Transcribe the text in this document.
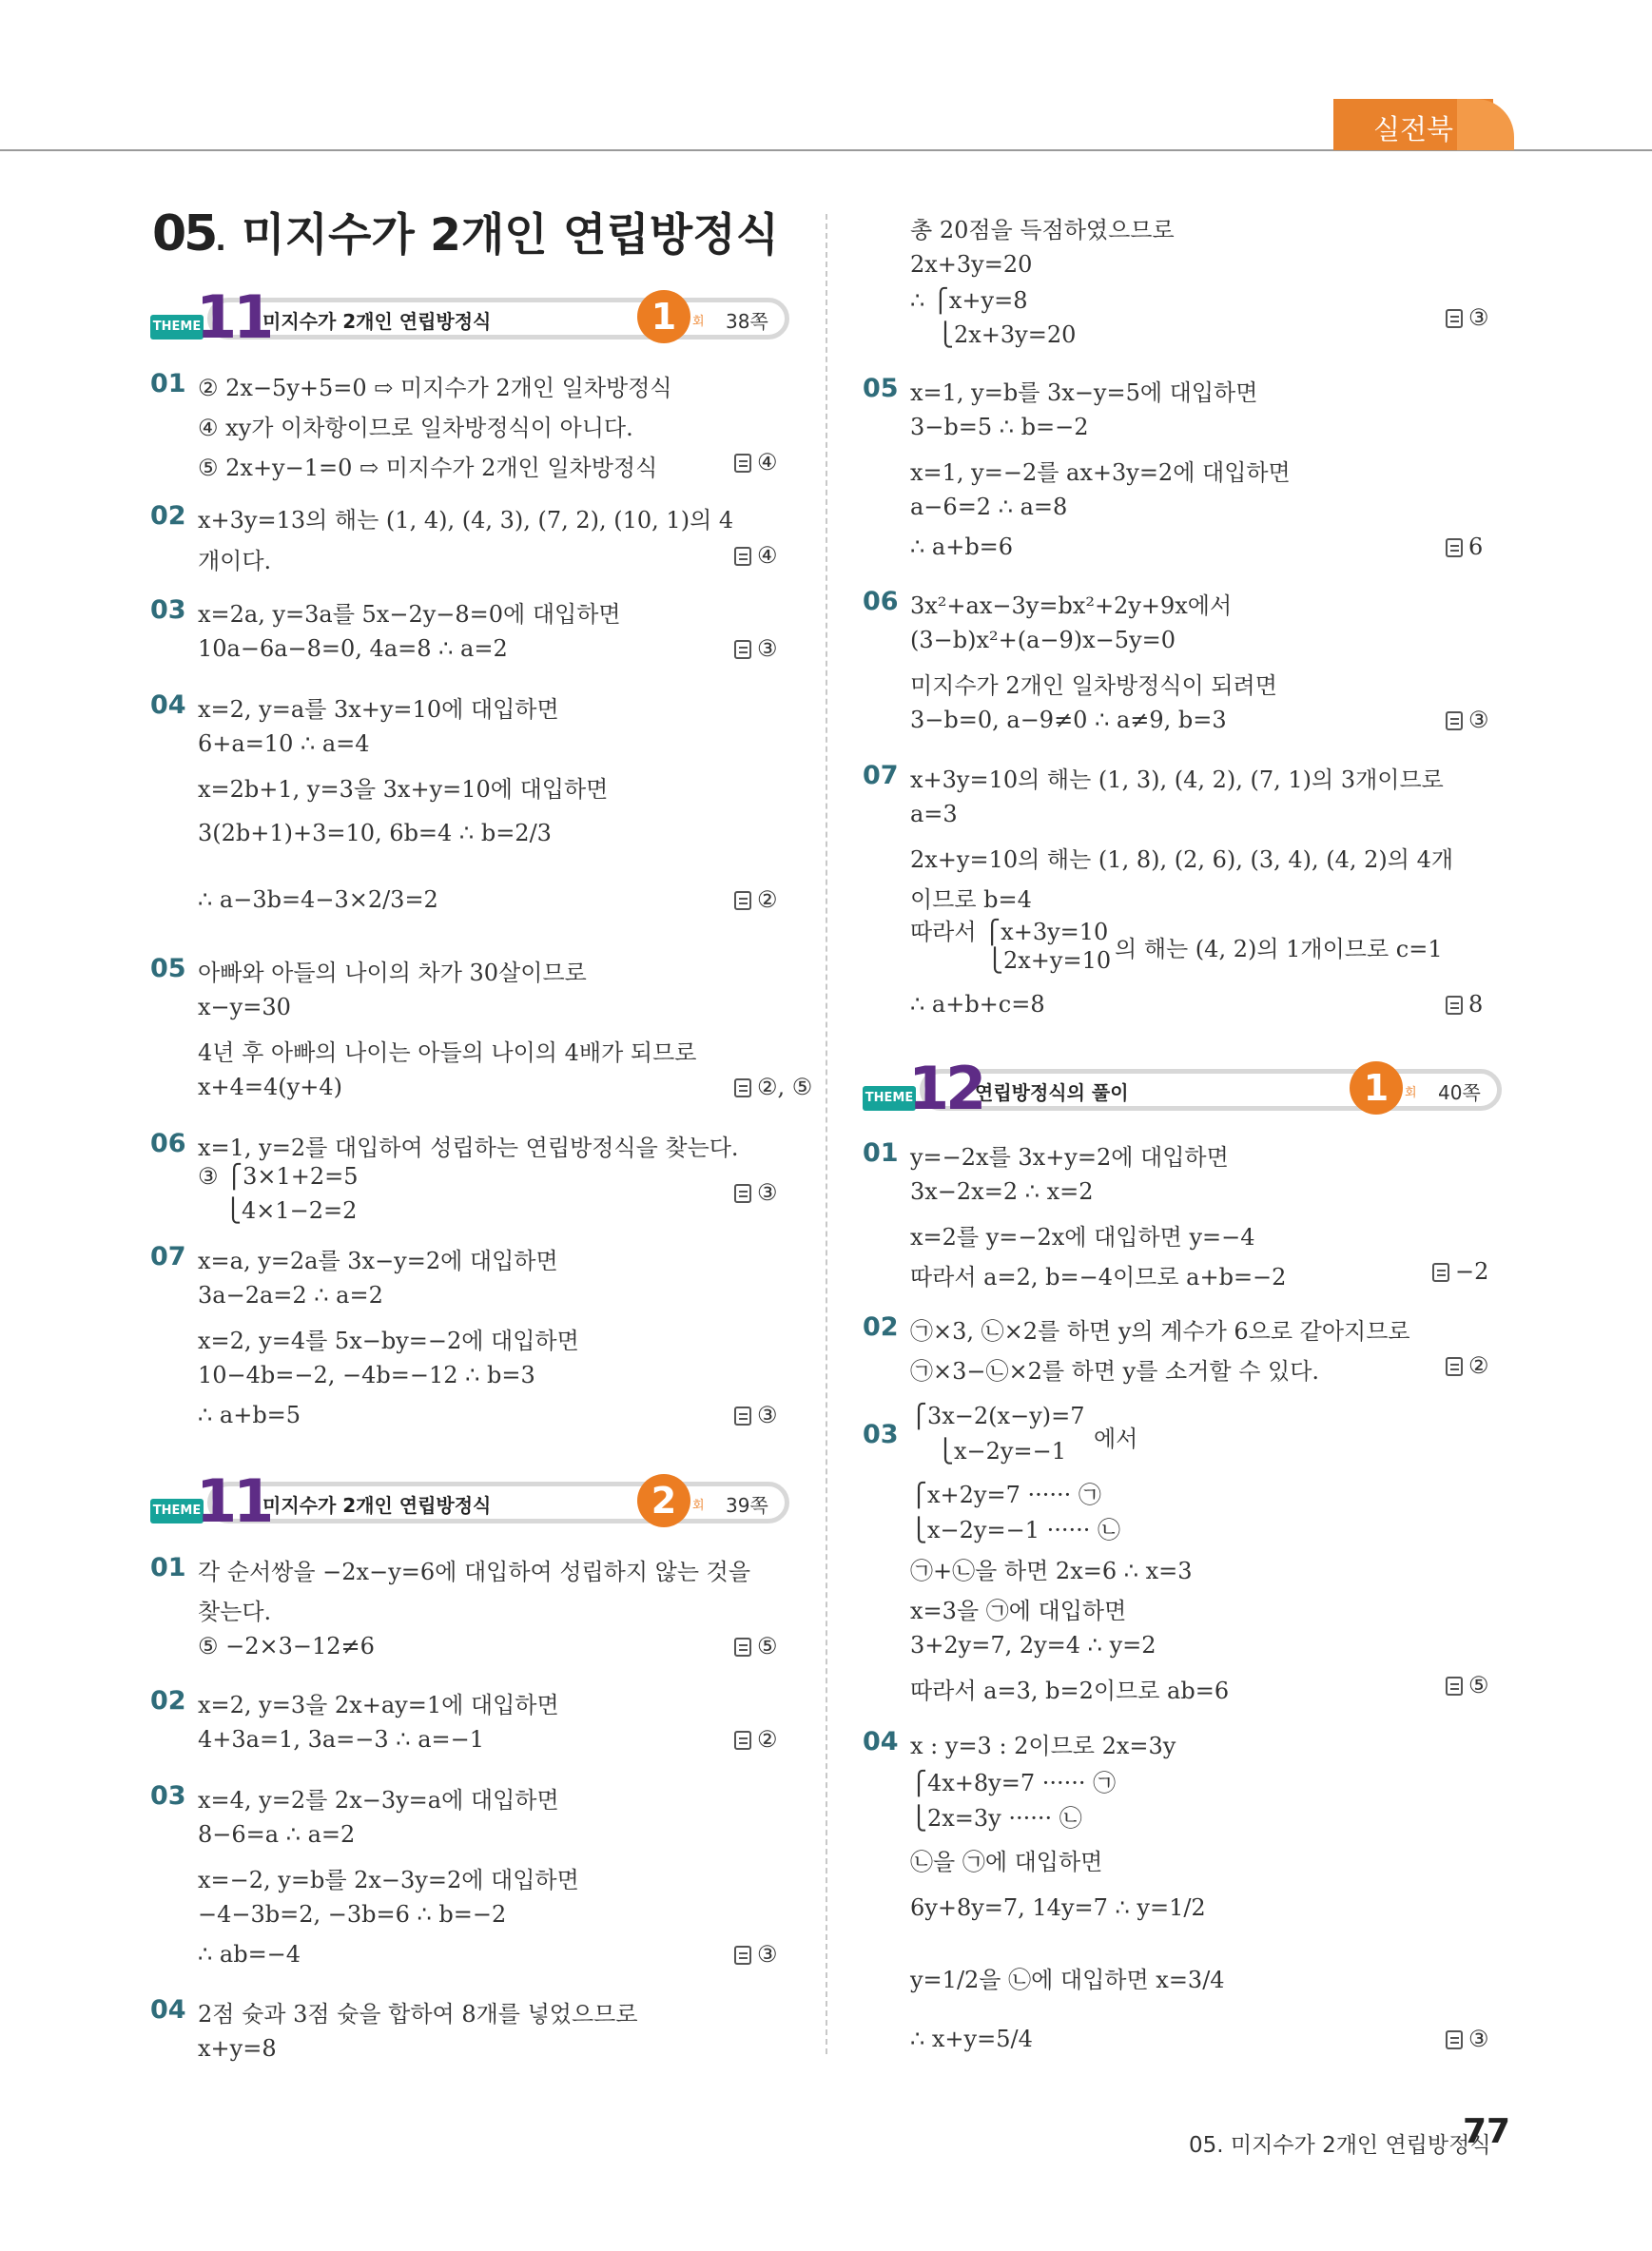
실전북
05. 미지수가 2개인 연립방정식
THEME
11
미지수가 2개인 연립방정식	1	회 38쪽
01 ② 2x−5y+5=0 ⇨ 미지수가 2개인 일차방정식
④ xy가 이차항이므로 일차방정식이 아니다.
⑤ 2x+y−1=0 ⇨ 미지수가 2개인 일차방정식	④
02 x+3y=13의 해는 (1, 4), (4, 3), (7, 2), (10, 1)의 4
개이다.	④
03 x=2a, y=3a를 5x−2y−8=0에 대입하면
10a−6a−8=0, 4a=8 ∴ a=2	③
04 x=2, y=a를 3x+y=10에 대입하면
6+a=10 ∴ a=4
x=2b+1, y=3을 3x+y=10에 대입하면
3(2b+1)+3=10, 6b=4 ∴ b=2/3
∴ a−3b=4−3×2/3=2	②
05 아빠와 아들의 나이의 차가 30살이므로
x−y=30
4년 후 아빠의 나이는 아들의 나이의 4배가 되므로
x+4=4(y+4)	②, ⑤
06 x=1, y=2를 대입하여 성립하는 연립방정식을 찾는다.
③ ⎧3×1+2=5
⎩4×1−2=2
③
07 x=a, y=2a를 3x−y=2에 대입하면
3a−2a=2 ∴ a=2
x=2, y=4를 5x−by=−2에 대입하면
10−4b=−2, −4b=−12 ∴ b=3
∴ a+b=5	③
THEME
11
미지수가 2개인 연립방정식	2	회 39쪽
01 각 순서쌍을 −2x−y=6에 대입하여 성립하지 않는 것을
찾는다.
⑤ −2×3−12≠6	⑤
02 x=2, y=3을 2x+ay=1에 대입하면
4+3a=1, 3a=−3 ∴ a=−1	②
03 x=4, y=2를 2x−3y=a에 대입하면
8−6=a ∴ a=2
x=−2, y=b를 2x−3y=2에 대입하면
−4−3b=2, −3b=6 ∴ b=−2
∴ ab=−4	③
04 2점 슛과 3점 슛을 합하여 8개를 넣었으므로
x+y=8
총 20점을 득점하였으므로
2x+3y=20
∴ ⎧x+y=8
⎩2x+3y=20
③
05 x=1, y=b를 3x−y=5에 대입하면
3−b=5 ∴ b=−2
x=1, y=−2를 ax+3y=2에 대입하면
a−6=2 ∴ a=8
∴ a+b=6	6
06 3x²+ax−3y=bx²+2y+9x에서
(3−b)x²+(a−9)x−5y=0
미지수가 2개인 일차방정식이 되려면
3−b=0, a−9≠0 ∴ a≠9, b=3	③
07 x+3y=10의 해는 (1, 3), (4, 2), (7, 1)의 3개이므로
a=3
2x+y=10의 해는 (1, 8), (2, 6), (3, 4), (4, 2)의 4개
이므로 b=4
따라서 ⎧x+3y=10
⎩2x+y=10 의 해는 (4, 2)의 1개이므로 c=1
∴ a+b+c=8	8
THEME
12
연립방정식의 풀이	1	회 40쪽
01 y=−2x를 3x+y=2에 대입하면
3x−2x=2 ∴ x=2
x=2를 y=−2x에 대입하면 y=−4
따라서 a=2, b=−4이므로 a+b=−2	−2
02 ㉠×3, ㉡×2를 하면 y의 계수가 6으로 같아지므로
㉠×3−㉡×2를 하면 y를 소거할 수 있다.	②
03
⎧3x−2(x−y)=7
⎩x−2y=−1 에서
⎧x+2y=7 ······ ㉠
⎩x−2y=−1 ······ ㉡
㉠+㉡을 하면 2x=6 ∴ x=3
x=3을 ㉠에 대입하면
3+2y=7, 2y=4 ∴ y=2
따라서 a=3, b=2이므로 ab=6	⑤
04 x : y=3 : 2이므로 2x=3y
⎧4x+8y=7 ······ ㉠
⎩2x=3y ······ ㉡
㉡을 ㉠에 대입하면
6y+8y=7, 14y=7 ∴ y=1/2
y=1/2을 ㉡에 대입하면 x=3/4
∴ x+y=5/4	③
05. 미지수가 2개인 연립방정식
77
